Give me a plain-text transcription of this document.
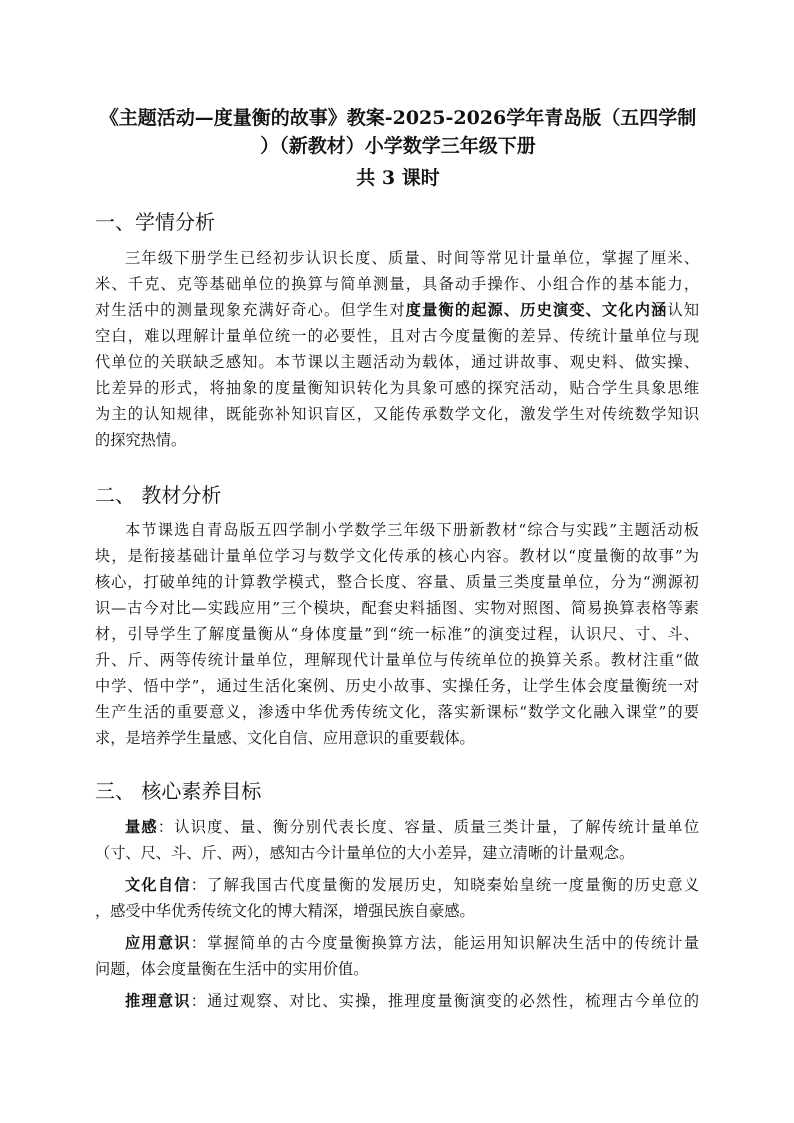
《主题活动—度量衡的故事》教案-2025-2026学年青岛版（五四学制
）（新教材）小学数学三年级下册
共 3 课时
一、学情分析
三年级下册学生已经初步认识长度、质量、时间等常见计量单位，掌握了厘米、
米、千克、克等基础单位的换算与简单测量，具备动手操作、小组合作的基本能力，
对生活中的测量现象充满好奇心。但学生对度量衡的起源、历史演变、文化内涵认知
空白，难以理解计量单位统一的必要性，且对古今度量衡的差异、传统计量单位与现
代单位的关联缺乏感知。本节课以主题活动为载体，通过讲故事、观史料、做实操、
比差异的形式，将抽象的度量衡知识转化为具象可感的探究活动，贴合学生具象思维
为主的认知规律，既能弥补知识盲区，又能传承数学文化，激发学生对传统数学知识
的探究热情。
二、 教材分析
本节课选自青岛版五四学制小学数学三年级下册新教材“综合与实践”主题活动板
块，是衔接基础计量单位学习与数学文化传承的核心内容。教材以“度量衡的故事”为
核心，打破单纯的计算教学模式，整合长度、容量、质量三类度量单位，分为“溯源初
识—古今对比—实践应用”三个模块，配套史料插图、实物对照图、简易换算表格等素
材，引导学生了解度量衡从“身体度量”到“统一标准”的演变过程，认识尺、寸、斗、
升、斤、两等传统计量单位，理解现代计量单位与传统单位的换算关系。教材注重“做
中学、悟中学”，通过生活化案例、历史小故事、实操任务，让学生体会度量衡统一对
生产生活的重要意义，渗透中华优秀传统文化，落实新课标“数学文化融入课堂”的要
求，是培养学生量感、文化自信、应用意识的重要载体。
三、 核心素养目标
量感：认识度、量、衡分别代表长度、容量、质量三类计量，了解传统计量单位
（寸、尺、斗、斤、两），感知古今计量单位的大小差异，建立清晰的计量观念。
文化自信：了解我国古代度量衡的发展历史，知晓秦始皇统一度量衡的历史意义
，感受中华优秀传统文化的博大精深，增强民族自豪感。
应用意识：掌握简单的古今度量衡换算方法，能运用知识解决生活中的传统计量
问题，体会度量衡在生活中的实用价值。
推理意识：通过观察、对比、实操，推理度量衡演变的必然性，梳理古今单位的
